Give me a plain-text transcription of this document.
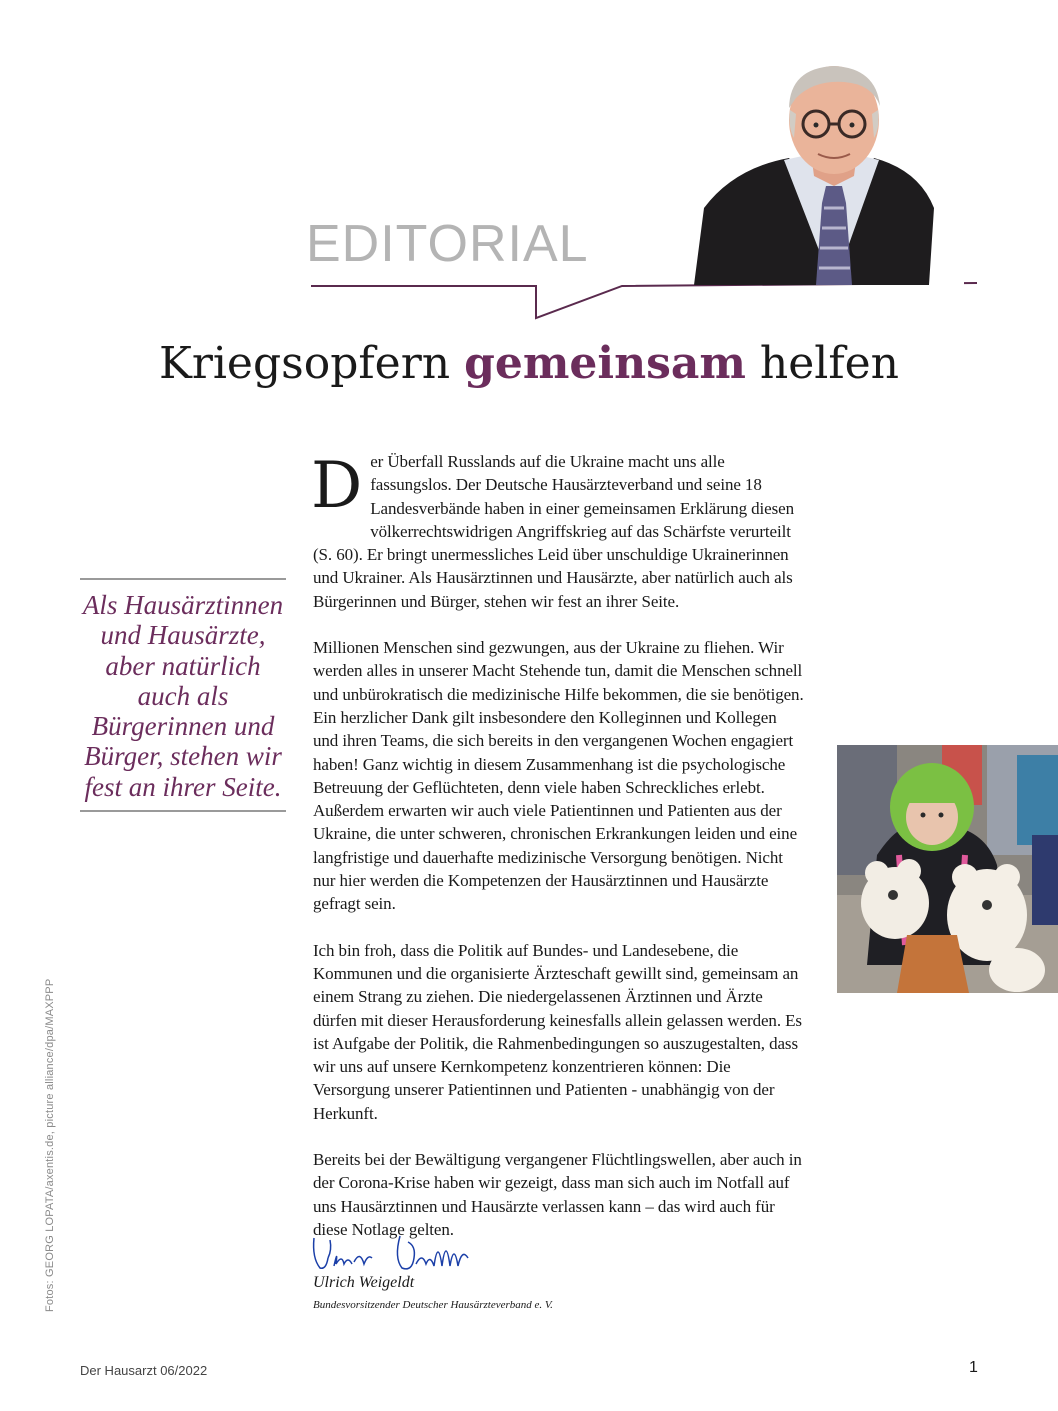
EDITORIAL
Kriegsopfern gemeinsam helfen
Als Hausärztinnen und Hausärzte, aber natürlich auch als Bürgerinnen und Bürger, stehen wir fest an ihrer Seite.

Der Überfall Russlands auf die Ukraine macht uns alle fassungslos. Der Deutsche Hausärzteverband und seine 18 Landesverbände haben in einer gemeinsamen Erklärung diesen völkerrechtswidrigen Angriffskrieg auf das Schärfste verurteilt (S. 60). Er bringt unermessliches Leid über unschuldige Ukrainerinnen und Ukrainer. Als Hausärztinnen und Hausärzte, aber natürlich auch als Bürgerinnen und Bürger, stehen wir fest an ihrer Seite.

Millionen Menschen sind gezwungen, aus der Ukraine zu fliehen. Wir werden alles in unserer Macht Stehende tun, damit die Menschen schnell und unbürokratisch die medizinische Hilfe bekommen, die sie benötigen. Ein herzlicher Dank gilt insbesondere den Kolleginnen und Kollegen und ihren Teams, die sich bereits in den vergangenen Wochen engagiert haben! Ganz wichtig in diesem Zusammenhang ist die psychologische Betreuung der Geflüchteten, denn viele haben Schreckliches erlebt. Außerdem erwarten wir auch viele Patientinnen und Patienten aus der Ukraine, die unter schweren, chronischen Erkrankungen leiden und eine langfristige und dauerhafte medizinische Versorgung benötigen. Nicht nur hier werden die Kompetenzen der Hausärztinnen und Hausärzte gefragt sein.

Ich bin froh, dass die Politik auf Bundes- und Landesebene, die Kommunen und die organisierte Ärzteschaft gewillt sind, gemeinsam an einem Strang zu ziehen. Die niedergelassenen Ärztinnen und Ärzte dürfen mit dieser Herausforderung keinesfalls allein gelassen werden. Es ist Aufgabe der Politik, die Rahmenbedingungen so auszugestalten, dass wir uns auf unsere Kernkompetenz konzentrieren können: Die Versorgung unserer Patientinnen und Patienten - unabhängig von der Herkunft.

Bereits bei der Bewältigung vergangener Flüchtlingswellen, aber auch in der Corona-Krise haben wir gezeigt, dass man sich auch im Notfall auf uns Hausärztinnen und Hausärzte verlassen kann – das wird auch für diese Notlage gelten.

Ulrich Weigeldt
Bundesvorsitzender Deutscher Hausärzteverband e. V.
Fotos: GEORG LOPATA/axentis.de, picture alliance/dpa/MAXPPP
Der Hausarzt 06/2022	1
